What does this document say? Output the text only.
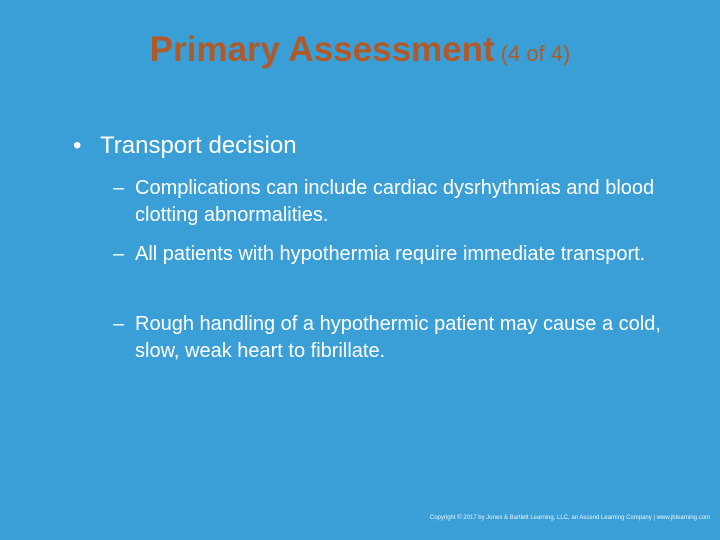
Primary Assessment (4 of 4)
• Transport decision
– Complications can include cardiac dysrhythmias and blood clotting abnormalities.
– All patients with hypothermia require immediate transport.
– Rough handling of a hypothermic patient may cause a cold, slow, weak heart to fibrillate.
Copyright © 2017 by Jones & Bartlett Learning, LLC, an Ascend Learning Company | www.jblearning.com
